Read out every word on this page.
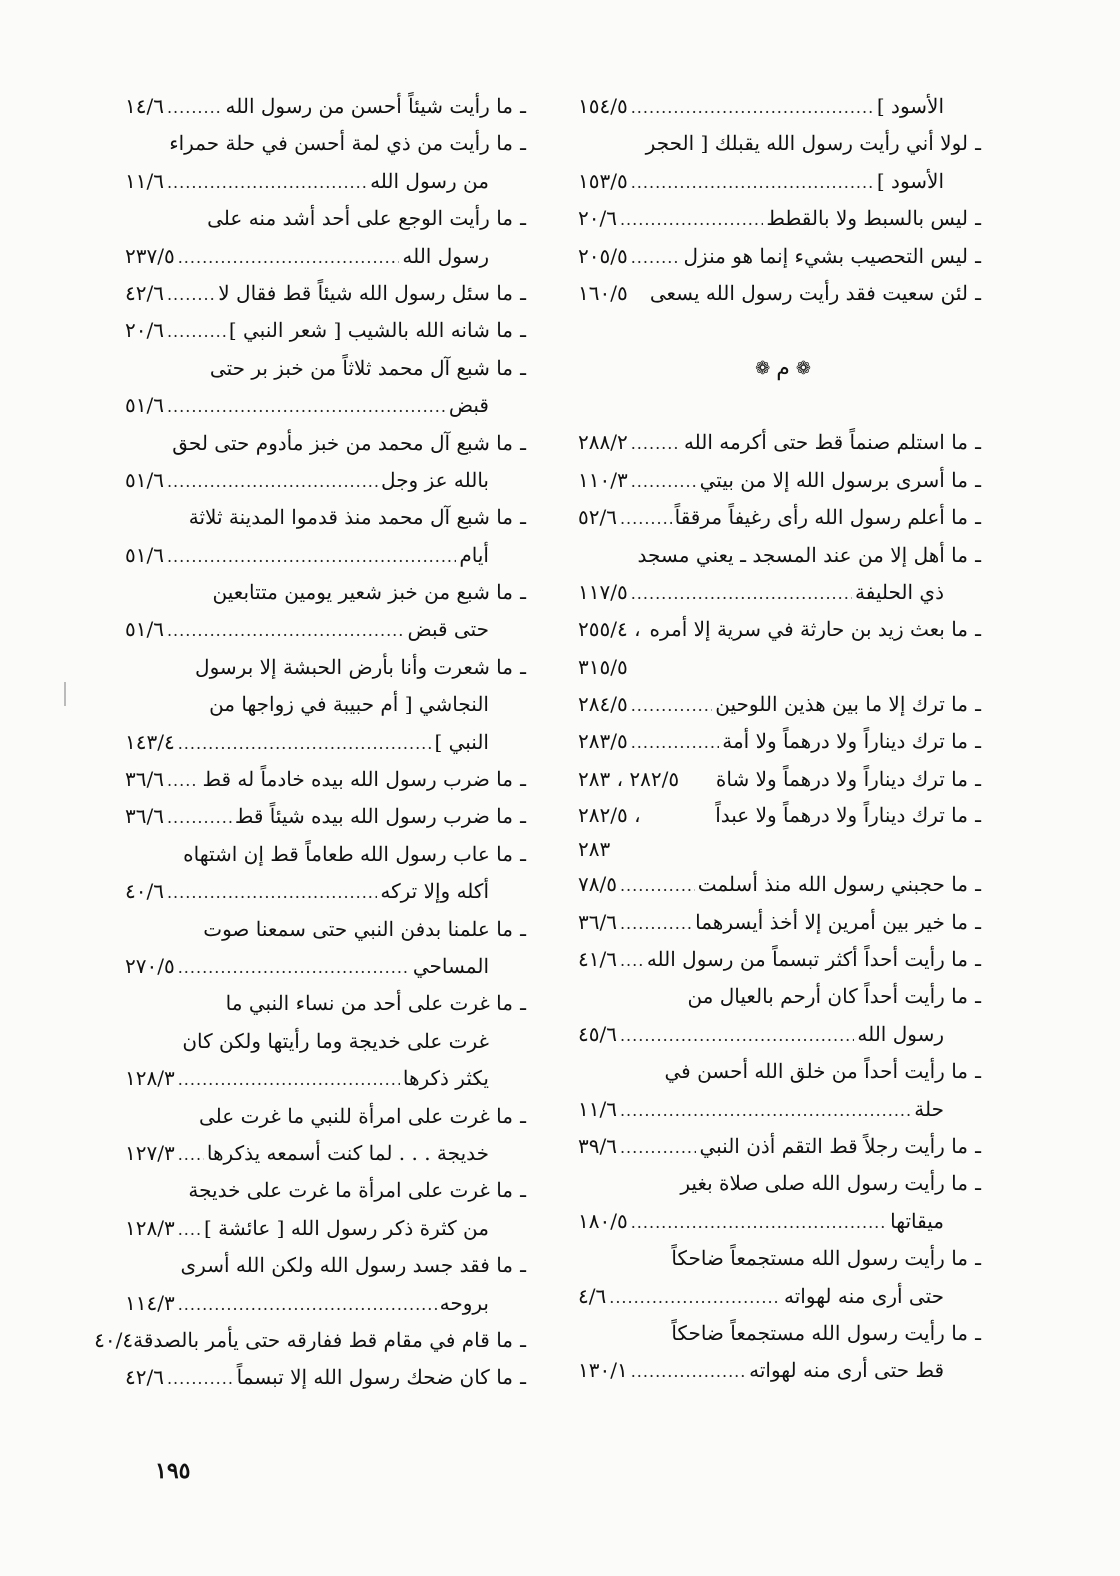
الأسود ]
.....
١٥٤/٥
ـ
لولا أني رأيت رسول الله يقبلك [ الحجر
الأسود ]
.....
١٥٣/٥
ـ
ليس بالسبط ولا بالقطط
.....
٢٠/٦
ـ
ليس التحصيب بشيء إنما هو منزل
.....
٢٠٥/٥
ـ
لئن سعيت فقد رأيت رسول الله يسعى
١٦٠/٥
❁
م
❁
ـ
ما استلم صنماً قط حتى أكرمه الله
.....
٢٨٨/٢
ـ
ما أسرى برسول الله إلا من بيتي
.....
١١٠/٣
ـ
ما أعلم رسول الله رأى رغيفاً مرققاً
.....
٥٢/٦
ـ
ما أهل إلا من عند المسجد ـ يعني مسجد
ذي الحليفة
.....
١١٧/٥
ـ
ما بعث زيد بن حارثة في سرية إلا أمره
٢٥٥/٤ ،
٣١٥/٥
ـ
ما ترك إلا ما بين هذين اللوحين
.....
٢٨٤/٥
ـ
ما ترك ديناراً ولا درهماً ولا أمة
.....
٢٨٣/٥
ـ
ما ترك ديناراً ولا درهماً ولا شاة
٢٨٢/٥ ، ٢٨٣
ـ
ما ترك ديناراً ولا درهماً ولا عبداً
٢٨٢/٥ ،
٢٨٣
ـ
ما حجبني رسول الله منذ أسلمت
.....
٧٨/٥
ـ
ما خير بين أمرين إلا أخذ أيسرهما
.....
٣٦/٦
ـ
ما رأيت أحداً أكثر تبسماً من رسول الله
.....
٤١/٦
ـ
ما رأيت أحداً كان أرحم بالعيال من
رسول الله
.....
٤٥/٦
ـ
ما رأيت أحداً من خلق الله أحسن في
حلة
.....
١١/٦
ـ
ما رأيت رجلاً قط التقم أذن النبي
.....
٣٩/٦
ـ
ما رأيت رسول الله صلى صلاة بغير
ميقاتها
.....
١٨٠/٥
ـ
ما رأيت رسول الله مستجمعاً ضاحكاً
حتى أرى منه لهواته
.....
٤/٦
ـ
ما رأيت رسول الله مستجمعاً ضاحكاً
قط حتى أرى منه لهواته
.....
١٣٠/١
ـ
ما رأيت شيئاً أحسن من رسول الله
.....
١٤/٦
ـ
ما رأيت من ذي لمة أحسن في حلة حمراء
من رسول الله
.....
١١/٦
ـ
ما رأيت الوجع على أحد أشد منه على
رسول الله
.....
٢٣٧/٥
ـ
ما سئل رسول الله شيئاً قط فقال لا
.....
٤٢/٦
ـ
ما شانه الله بالشيب [ شعر النبي ]
.....
٢٠/٦
ـ
ما شبع آل محمد ثلاثاً من خبز بر حتى
قبض
.....
٥١/٦
ـ
ما شبع آل محمد من خبز مأدوم حتى لحق
بالله عز وجل
.....
٥١/٦
ـ
ما شبع آل محمد منذ قدموا المدينة ثلاثة
أيام
.....
٥١/٦
ـ
ما شبع من خبز شعير يومين متتابعين
حتى قبض
.....
٥١/٦
ـ
ما شعرت وأنا بأرض الحبشة إلا برسول
النجاشي [ أم حبيبة في زواجها من
النبي ]
.....
١٤٣/٤
ـ
ما ضرب رسول الله بيده خادماً له قط
.....
٣٦/٦
ـ
ما ضرب رسول الله بيده شيئاً قط
.....
٣٦/٦
ـ
ما عاب رسول الله طعاماً قط إن اشتهاه
أكله وإلا تركه
.....
٤٠/٦
ـ
ما علمنا بدفن النبي حتى سمعنا صوت
المساحي
.....
٢٧٠/٥
ـ
ما غرت على أحد من نساء النبي ما
غرت على خديجة وما رأيتها ولكن كان
يكثر ذكرها
.....
١٢٨/٣
ـ
ما غرت على امرأة للنبي ما غرت على
خديجة . . . لما كنت أسمعه يذكرها
.....
١٢٧/٣
ـ
ما غرت على امرأة ما غرت على خديجة
من كثرة ذكر رسول الله [ عائشة ]
.....
١٢٨/٣
ـ
ما فقد جسد رسول الله ولكن الله أسرى
بروحه
.....
١١٤/٣
ـ
ما قام في مقام قط ففارقه حتى يأمر بالصدقة
٤٠/٤
ـ
ما كان ضحك رسول الله إلا تبسماً
.....
٤٢/٦
١٩٥
